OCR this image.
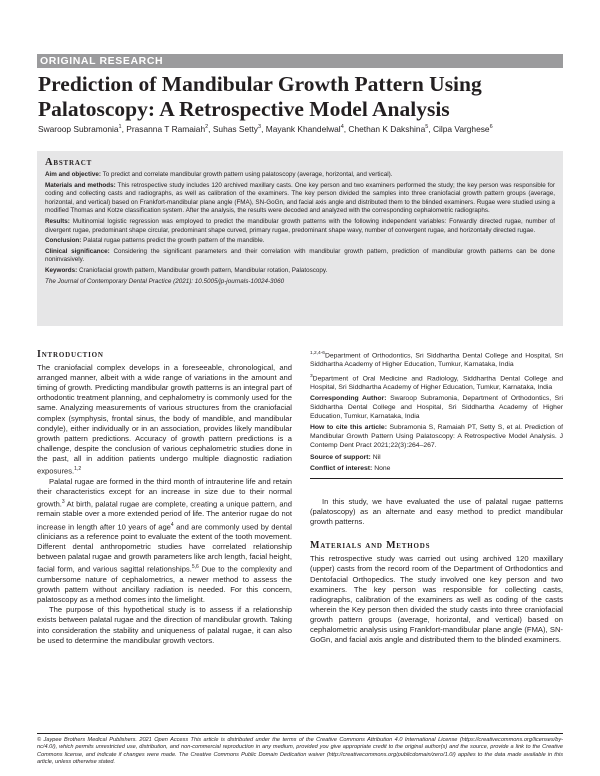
ORIGINAL RESEARCH
Prediction of Mandibular Growth Pattern Using Palatoscopy: A Retrospective Model Analysis
Swaroop Subramonia$^1$, Prasanna T Ramaiah$^2$, Suhas Setty$^3$, Mayank Khandelwal$^4$, Chethan K Dakshina$^5$, Cilpa Varghese$^6$
Abstract

Aim and objective: To predict and correlate mandibular growth pattern using palatoscopy (average, horizontal, and vertical).

Materials and methods: This retrospective study includes 120 archived maxillary casts. One key person and two examiners performed the study; the key person was responsible for coding and collecting casts and radiographs, as well as calibration of the examiners. The key person divided the samples into three craniofacial growth pattern groups (average, horizontal, and vertical) based on Frankfort-mandibular plane angle (FMA), SN-GoGn, and facial axis angle and distributed them to the blinded examiners. Rugae were studied using a modified Thomas and Kotze classification system. After the analysis, the results were decoded and analyzed with the corresponding cephalometric radiographs.

Results: Multinomial logistic regression was employed to predict the mandibular growth patterns with the following independent variables: Forwardly directed rugae, number of divergent rugae, predominant shape circular, predominant shape curved, primary rugae, predominant shape wavy, number of convergent rugae, and horizontally directed rugae.

Conclusion: Palatal rugae patterns predict the growth pattern of the mandible.

Clinical significance: Considering the significant parameters and their correlation with mandibular growth pattern, prediction of mandibular growth patterns can be done noninvasively.

Keywords: Craniofacial growth pattern, Mandibular growth pattern, Mandibular rotation, Palatoscopy.

The Journal of Contemporary Dental Practice (2021): 10.5005/jp-journals-10024-3060

Introduction

The craniofacial complex develops in a foreseeable, chronological, and arranged manner, albeit with a wide range of variations in the amount and timing of growth. Predicting mandibular growth patterns is an integral part of orthodontic treatment planning, and cephalometry is commonly used for the same. Analyzing measurements of various structures from the craniofacial complex (symphysis, frontal sinus, the body of mandible, and mandibular condyle), either individually or in an association, provides likely mandibular growth pattern predictions. Accuracy of growth pattern predictions is a challenge, despite the conclusion of various cephalometric studies done in the past, all in addition patients undergo multiple diagnostic radiation exposures.$^{1,2}$

Palatal rugae are formed in the third month of intrauterine life and retain their characteristics except for an increase in size due to their normal growth.$^3$ At birth, palatal rugae are complete, creating a unique pattern, and remain stable over a more extended period of life. The anterior rugae do not increase in length after 10 years of age$^4$ and are commonly used by dental clinicians as a reference point to evaluate the extent of the tooth movement. Different dental anthropometric studies have correlated relationship between palatal rugae and growth parameters like arch length, facial height, facial form, and various sagittal relationships.$^{5,6}$ Due to the complexity and cumbersome nature of cephalometrics, a newer method to assess the growth pattern without ancillary radiation is needed. For this concern, palatoscopy as a method comes into the limelight.

The purpose of this hypothetical study is to assess if a relationship exists between palatal rugae and the direction of mandibular growth. Taking into consideration the stability and uniqueness of palatal rugae, it can also be used to determine the mandibular growth vectors.

$^{1,2,4-6}$Department of Orthodontics, Sri Siddhartha Dental College and Hospital, Sri Siddhartha Academy of Higher Education, Tumkur, Karnataka, India

$^3$Department of Oral Medicine and Radiology, Siddhartha Dental College and Hospital, Sri Siddhartha Academy of Higher Education, Tumkur, Karnataka, India

Corresponding Author: Swaroop Subramonia, Department of Orthodontics, Sri Siddhartha Dental College and Hospital, Sri Siddhartha Academy of Higher Education, Tumkur, Karnataka, India

How to cite this article: Subramonia S, Ramaiah PT, Setty S, et al. Prediction of Mandibular Growth Pattern Using Palatoscopy: A Retrospective Model Analysis. J Contemp Dent Pract 2021;22(3):264–267.

Source of support: Nil

Conflict of interest: None

In this study, we have evaluated the use of palatal rugae patterns (palatoscopy) as an alternate and easy method to predict mandibular growth patterns.

Materials and Methods

This retrospective study was carried out using archived 120 maxillary (upper) casts from the record room of the Department of Orthodontics and Dentofacial Orthopedics. The study involved one key person and two examiners. The key person was responsible for collecting casts, radiographs, calibration of the examiners as well as coding of the casts wherein the Key person then divided the study casts into three craniofacial growth pattern groups (average, horizontal, and vertical) based on cephalometric analysis using Frankfort-mandibular plane angle (FMA), SN-GoGn, and facial axis angle and distributed them to the blinded examiners.

© Jaypee Brothers Medical Publishers. 2021 Open Access This article is distributed under the terms of the Creative Commons Attribution 4.0 International License (https://creativecommons.org/licenses/by-nc/4.0/), which permits unrestricted use, distribution, and non-commercial reproduction in any medium, provided you give appropriate credit to the original author(s) and the source, provide a link to the Creative Commons license, and indicate if changes were made. The Creative Commons Public Domain Dedication waiver (http://creativecommons.org/publicdomain/zero/1.0/) applies to the data made available in this article, unless otherwise stated.
